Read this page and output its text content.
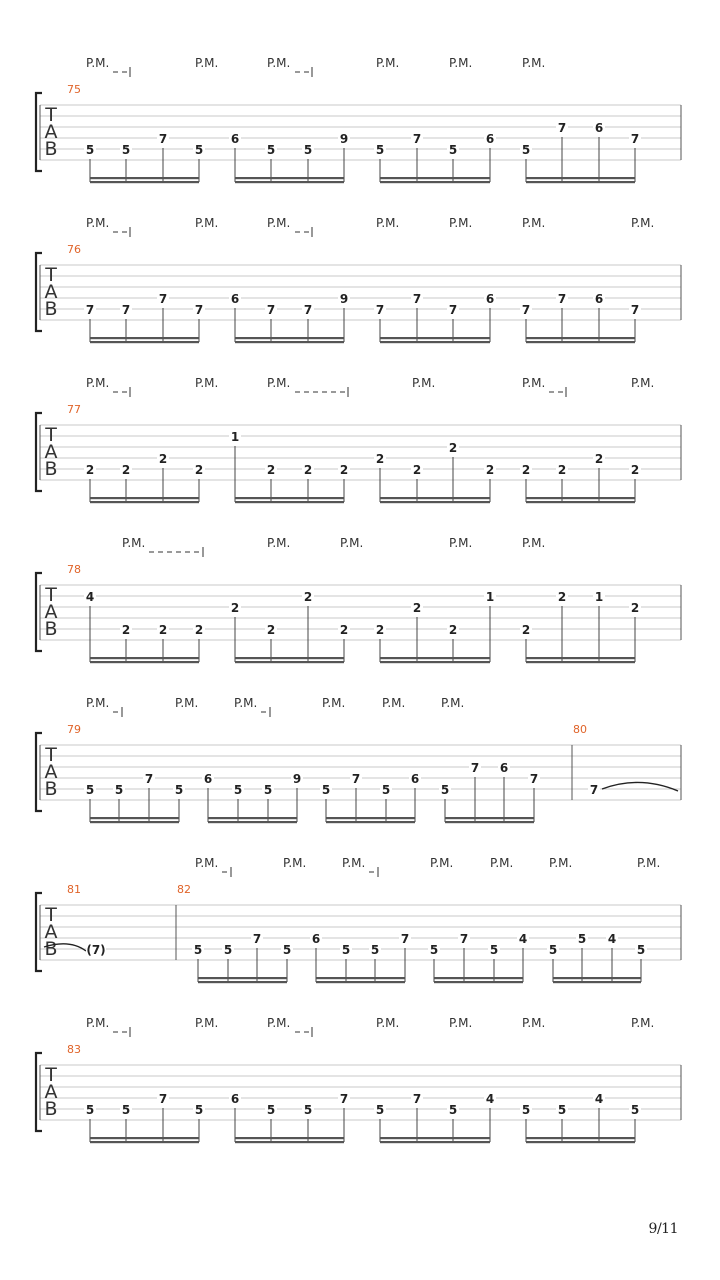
T
A
B
75
5 5
7
5
6
5 5
9
5
7
5
6
5
7 6
7
P.M.	P.M.	P.M.	P.M.	P.M.	P.M.
T
A
B
76
7 7
7
7
6
7 7
9
7
7
7
6
7
7 6
7
P.M.	P.M.	P.M.	P.M.	P.M.	P.M.	P.M.
T
A
B
77
2 2
2
2
1
2 2 2
2
2
2
2 2 2
2
2
P.M.	P.M.	P.M.	P.M.	P.M.	P.M.
T
A
B
78
4
2 2 2
2
2
2
2 2
2
2
1
2
2 1
2
P.M.	P.M.	P.M.	P.M.	P.M.
T
A
B
79	80
5 5
7
5
6
5 5
9
5
7
5
6
5
7 6
7
7
P.M.	P.M.	P.M.	P.M.	P.M.	P.M.
T
A
B
81	82
5 5
7
5
6
5 5
7
5
7
5
4
5
5 4
5
(7)
P.M.	P.M.	P.M.	P.M.	P.M.	P.M.	P.M.
T
A
B
83
5 5
7
5
6
5 5
7
5
7
5
4
5 5
4
5
P.M.	P.M.	P.M.	P.M.	P.M.	P.M.	P.M.
9/11
